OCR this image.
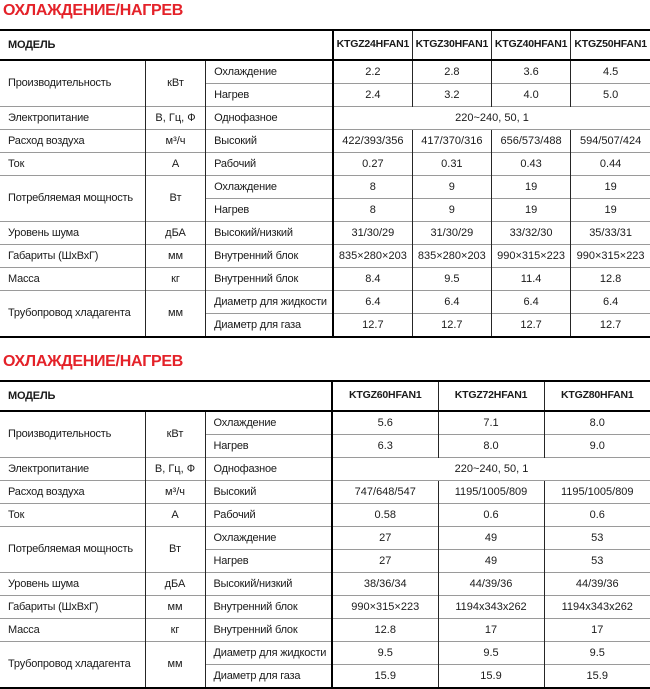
ОХЛАЖДЕНИЕ/НАГРЕВ
МОДЕЛЬ			KTGZ24HFAN1	KTGZ30HFAN1	KTGZ40HFAN1	KTGZ50HFAN1
Производительность	кВт	Охлаждение	2.2	2.8	3.6	4.5
		Нагрев	2.4	3.2	4.0	5.0
Электропитание	В, Гц, Ф	Однофазное	220~240, 50, 1			
Расход воздуха	м³/ч	Высокий	422/393/356	417/370/316	656/573/488	594/507/424
Ток	А	Рабочий	0.27	0.31	0.43	0.44
Потребляемая мощность	Вт	Охлаждение	8	9	19	19
		Нагрев	8	9	19	19
Уровень шума	дБА	Высокий/низкий	31/30/29	31/30/29	33/32/30	35/33/31
Габариты (ШхВхГ)	мм	Внутренний блок	835×280×203	835×280×203	990×315×223	990×315×223
Масса	кг	Внутренний блок	8.4	9.5	11.4	12.8
Трубопровод хладагента	мм	Диаметр для жидкости	6.4	6.4	6.4	6.4
		Диаметр для газа	12.7	12.7	12.7	12.7
ОХЛАЖДЕНИЕ/НАГРЕВ
МОДЕЛЬ			KTGZ60HFAN1	KTGZ72HFAN1	KTGZ80HFAN1
Производительность	кВт	Охлаждение	5.6	7.1	8.0
		Нагрев	6.3	8.0	9.0
Электропитание	В, Гц, Ф	Однофазное	220~240, 50, 1		
Расход воздуха	м³/ч	Высокий	747/648/547	1195/1005/809	1195/1005/809
Ток	А	Рабочий	0.58	0.6	0.6
Потребляемая мощность	Вт	Охлаждение	27	49	53
		Нагрев	27	49	53
Уровень шума	дБА	Высокий/низкий	38/36/34	44/39/36	44/39/36
Габариты (ШхВхГ)	мм	Внутренний блок	990×315×223	1194x343x262	1194x343x262
Масса	кг	Внутренний блок	12.8	17	17
Трубопровод хладагента	мм	Диаметр для жидкости	9.5	9.5	9.5
		Диаметр для газа	15.9	15.9	15.9
